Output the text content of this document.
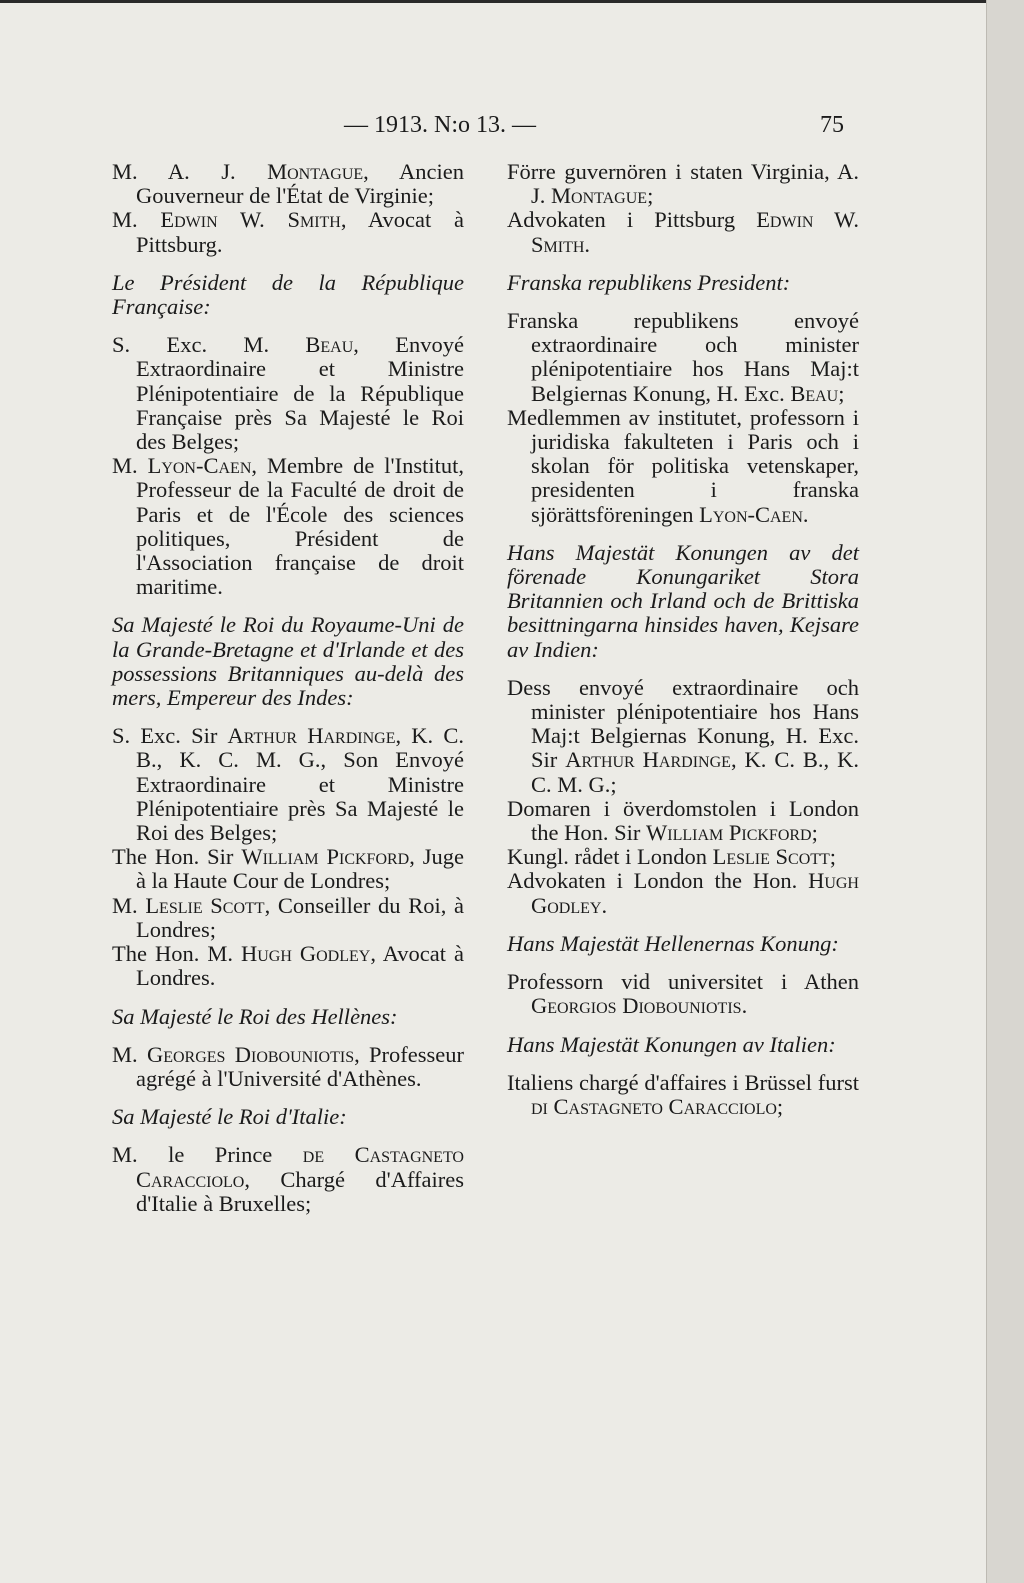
— 1913. N:o 13. —	75

M. A. J. Montague, Ancien Gouverneur de l'État de Virginie;

M. Edwin W. Smith, Avocat à Pittsburg.

Le Président de la République Française:

S. Exc. M. Beau, Envoyé Extraordinaire et Ministre Plénipotentiaire de la République Française près Sa Majesté le Roi des Belges;

M. Lyon-Caen, Membre de l'Institut, Professeur de la Faculté de droit de Paris et de l'École des sciences politiques, Président de l'Association française de droit maritime.

Sa Majesté le Roi du Royaume-Uni de la Grande-Bretagne et d'Irlande et des possessions Britanniques au-delà des mers, Empereur des Indes:

S. Exc. Sir Arthur Hardinge, K. C. B., K. C. M. G., Son Envoyé Extraordinaire et Ministre Plénipotentiaire près Sa Majesté le Roi des Belges;

The Hon. Sir William Pickford, Juge à la Haute Cour de Londres;

M. Leslie Scott, Conseiller du Roi, à Londres;

The Hon. M. Hugh Godley, Avocat à Londres.

Sa Majesté le Roi des Hellènes:

M. Georges Diobouniotis, Professeur agrégé à l'Université d'Athènes.

Sa Majesté le Roi d'Italie:

M. le Prince de Castagneto Caracciolo, Chargé d'Affaires d'Italie à Bruxelles;

Förre guvernören i staten Virginia, A. J. Montague;

Advokaten i Pittsburg Edwin W. Smith.

Franska republikens President:

Franska republikens envoyé extraordinaire och minister plénipotentiaire hos Hans Maj:t Belgiernas Konung, H. Exc. Beau;

Medlemmen av institutet, professorn i juridiska fakulteten i Paris och i skolan för politiska vetenskaper, presidenten i franska sjörättsföreningen Lyon-Caen.

Hans Majestät Konungen av det förenade Konungariket Stora Britannien och Irland och de Brittiska besittningarna hinsides haven, Kejsare av Indien:

Dess envoyé extraordinaire och minister plénipotentiaire hos Hans Maj:t Belgiernas Konung, H. Exc. Sir Arthur Hardinge, K. C. B., K. C. M. G.;

Domaren i överdomstolen i London the Hon. Sir William Pickford;

Kungl. rådet i London Leslie Scott;

Advokaten i London the Hon. Hugh Godley.

Hans Majestät Hellenernas Konung:

Professorn vid universitet i Athen Georgios Diobouniotis.

Hans Majestät Konungen av Italien:

Italiens chargé d'affaires i Brüssel furst di Castagneto Caracciolo;
